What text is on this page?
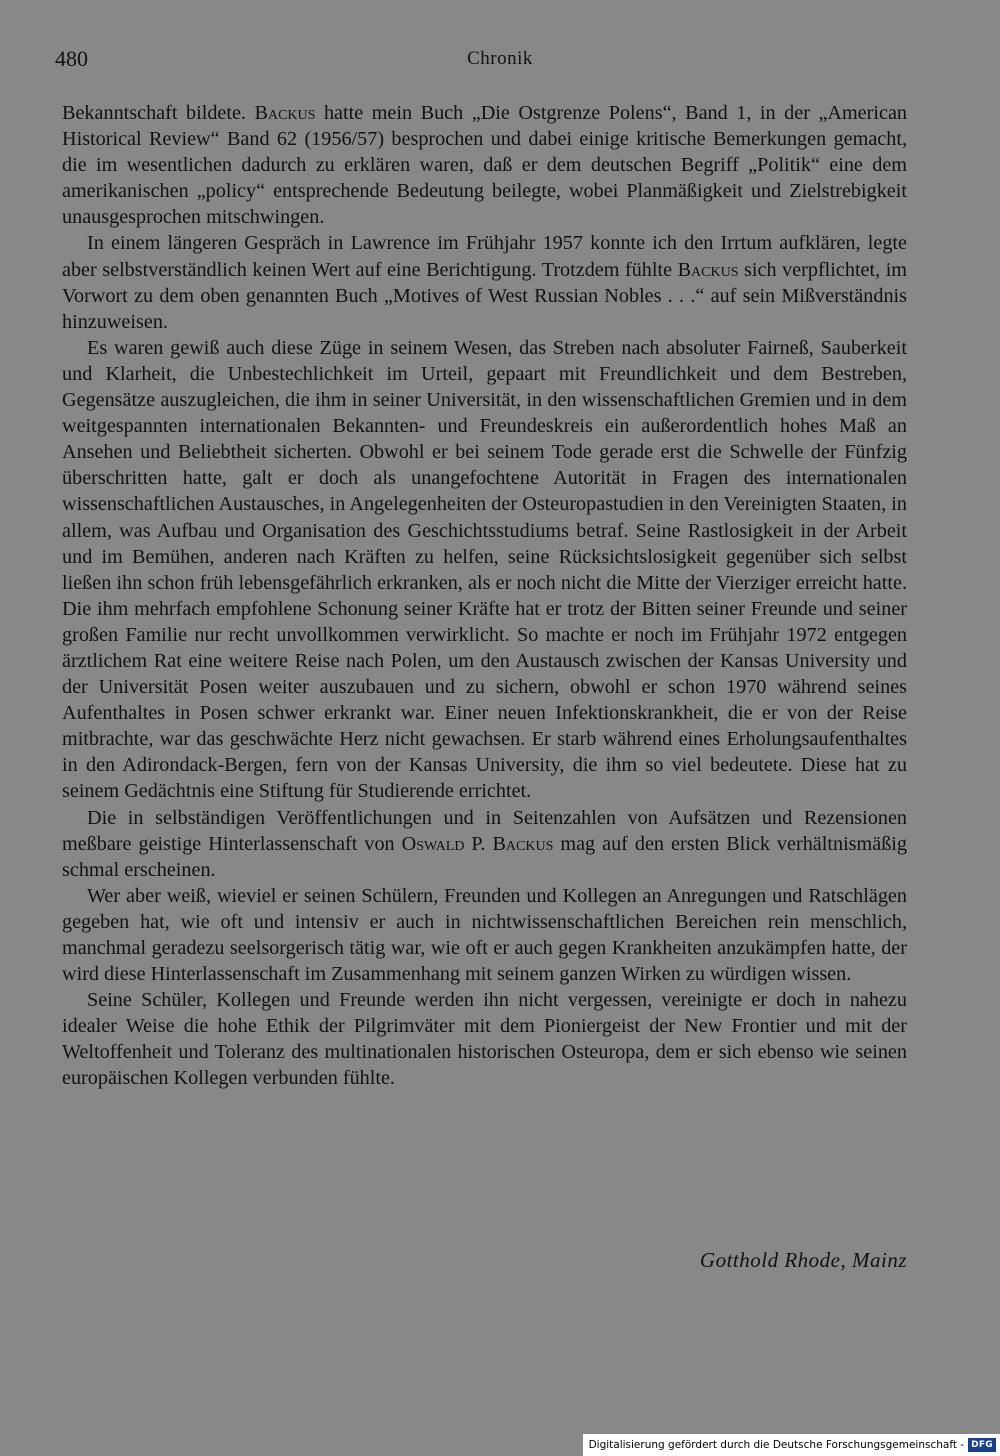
480	Chronik

Bekanntschaft bildete. Backus hatte mein Buch „Die Ostgrenze Polens“, Band 1, in der „American Historical Review“ Band 62 (1956/57) besprochen und dabei einige kritische Bemerkungen gemacht, die im wesentlichen dadurch zu erklären waren, daß er dem deutschen Begriff „Politik“ eine dem amerikanischen „policy“ entsprechende Bedeutung beilegte, wobei Planmäßigkeit und Zielstrebigkeit unausgesprochen mitschwingen.

In einem längeren Gespräch in Lawrence im Frühjahr 1957 konnte ich den Irrtum aufklären, legte aber selbstverständlich keinen Wert auf eine Berichtigung. Trotzdem fühlte Backus sich verpflichtet, im Vorwort zu dem oben genannten Buch „Motives of West Russian Nobles . . .“ auf sein Mißverständnis hinzuweisen.

Es waren gewiß auch diese Züge in seinem Wesen, das Streben nach absoluter Fairneß, Sauberkeit und Klarheit, die Unbestechlichkeit im Urteil, gepaart mit Freundlichkeit und dem Bestreben, Gegensätze auszugleichen, die ihm in seiner Universität, in den wissenschaftlichen Gremien und in dem weitgespannten internationalen Bekannten- und Freundeskreis ein außerordentlich hohes Maß an Ansehen und Beliebtheit sicherten. Obwohl er bei seinem Tode gerade erst die Schwelle der Fünfzig überschritten hatte, galt er doch als unangefochtene Autorität in Fragen des internationalen wissenschaftlichen Austausches, in Angelegenheiten der Osteuropastudien in den Vereinigten Staaten, in allem, was Aufbau und Organisation des Geschichtsstudiums betraf. Seine Rastlosigkeit in der Arbeit und im Bemühen, anderen nach Kräften zu helfen, seine Rücksichtslosigkeit gegenüber sich selbst ließen ihn schon früh lebensgefährlich erkranken, als er noch nicht die Mitte der Vierziger erreicht hatte. Die ihm mehrfach empfohlene Schonung seiner Kräfte hat er trotz der Bitten seiner Freunde und seiner großen Familie nur recht unvollkommen verwirklicht. So machte er noch im Frühjahr 1972 entgegen ärztlichem Rat eine weitere Reise nach Polen, um den Austausch zwischen der Kansas University und der Universität Posen weiter auszubauen und zu sichern, obwohl er schon 1970 während seines Aufenthaltes in Posen schwer erkrankt war. Einer neuen Infektionskrankheit, die er von der Reise mitbrachte, war das geschwächte Herz nicht gewachsen. Er starb während eines Erholungsaufenthaltes in den Adirondack-Bergen, fern von der Kansas University, die ihm so viel bedeutete. Diese hat zu seinem Gedächtnis eine Stiftung für Studierende errichtet.

Die in selbständigen Veröffentlichungen und in Seitenzahlen von Aufsätzen und Rezensionen meßbare geistige Hinterlassenschaft von Oswald P. Backus mag auf den ersten Blick verhältnismäßig schmal erscheinen.

Wer aber weiß, wieviel er seinen Schülern, Freunden und Kollegen an Anregungen und Ratschlägen gegeben hat, wie oft und intensiv er auch in nichtwissenschaftlichen Bereichen rein menschlich, manchmal geradezu seelsorgerisch tätig war, wie oft er auch gegen Krankheiten anzukämpfen hatte, der wird diese Hinterlassenschaft im Zusammenhang mit seinem ganzen Wirken zu würdigen wissen.

Seine Schüler, Kollegen und Freunde werden ihn nicht vergessen, vereinigte er doch in nahezu idealer Weise die hohe Ethik der Pilgrimväter mit dem Pioniergeist der New Frontier und mit der Weltoffenheit und Toleranz des multinationalen historischen Osteuropa, dem er sich ebenso wie seinen europäischen Kollegen verbunden fühlte.

Gotthold Rhode, Mainz
Digitalisierung gefördert durch die Deutsche Forschungsgemeinschaft - DFG
